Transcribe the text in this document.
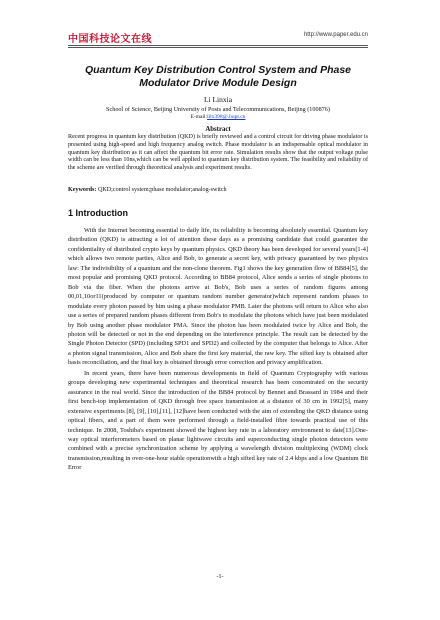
中国科技论文在线	http://www.paper.edu.cn
Quantum Key Distribution Control System and Phase Modulator Drive Module Design
Li Linxia
School of Science, Beijing University of Posts and Telecommunications, Beijing (100876)
E-mail:lilx398@.bupt.cn
Abstract
Recent progress in quantum key distribution (QKD) is briefly reviewed and a control circuit for driving phase modulator is presented using high-speed and high frequency analog switch. Phase modulator is an indispensable optical modulator in quantum key distribution as it can affect the quantum bit error rate. Simulation results show that the output voltage pulse width can be less than 10ns,which can be well applied to quantum key distribution system. The feasibility and reliability of the scheme are verified through theoretical analysis and experiment results.
Keywords: QKD;control system;phase modulator;analog-switch
1 Introduction

With the Internet becoming essential to daily life, its reliability is becoming absolutely essential. Quantum key distribution (QKD) is attracting a lot of attention these days as a promising candidate that could guarantee the confidentiality of distributed crypto keys by quantum physics. QKD theory has been developed for several years[1-4] which allows two remote parties, Alice and Bob, to generate a secret key, with privacy guaranteed by two physics law: The indivisibility of a quantum and the non-clone theorem. Fig1 shows the key generation flow of BB84[5], the most popular and promising QKD protocol. According to BB84 protocol, Alice sends a series of single photons to Bob via the fiber. When the photons arrive at Bob's, Bob uses a series of random figures among 00,01,10or11(produced by computer or quantum random number generator)which represent random phases to modulate every photon passed by him using a phase modulator PMB. Later the photons will return to Alice who also use a series of prepared random phases different from Bob's to modulate the photons which have just been modulated by Bob using another phase modulator PMA. Since the photon has been modulated twice by Alice and Bob, the photon will be detected or not in the end depending on the interference principle. The result can be detected by the Single Photon Detector (SPD) (including SPD1 and SPD2) and collected by the computer that belongs to Alice. After a photon signal transmission, Alice and Bob share the first key material, the raw key. The sifted key is obtained after basis reconciliation, and the final key is obtained through error correction and privacy amplification.

In recent years, there have been numerous developments in field of Quantum Cryptography with various groups developing new experimental techniques and theoretical research has been concentrated on the security assurance in the real world. Since the introduction of the BB84 protocol by Bennet and Brassard in 1984 and their first bench-top implementation of QKD through free space transmission at a distance of 30 cm in 1992[5], many extensive experiments [8], [9], [10],[11], [12]have been conducted with the aim of extending the QKD distance using optical fibers, and a part of them were performed through a field-installed fibre towards practical use of this technique. In 2008, Toshiba's experiment showed the highest key rate in a laboratory environment to date[13].One-way optical interferometers based on planar lightwave circuits and superconducting single photon detectors were combined with a precise synchronization scheme by applying a wavelength division multiplexing (WDM) clock transmission,resulting in over-one-hour stable operationwith a high sifted key rate of 2.4 kbps and a low Quantum Bit Error

-1-
